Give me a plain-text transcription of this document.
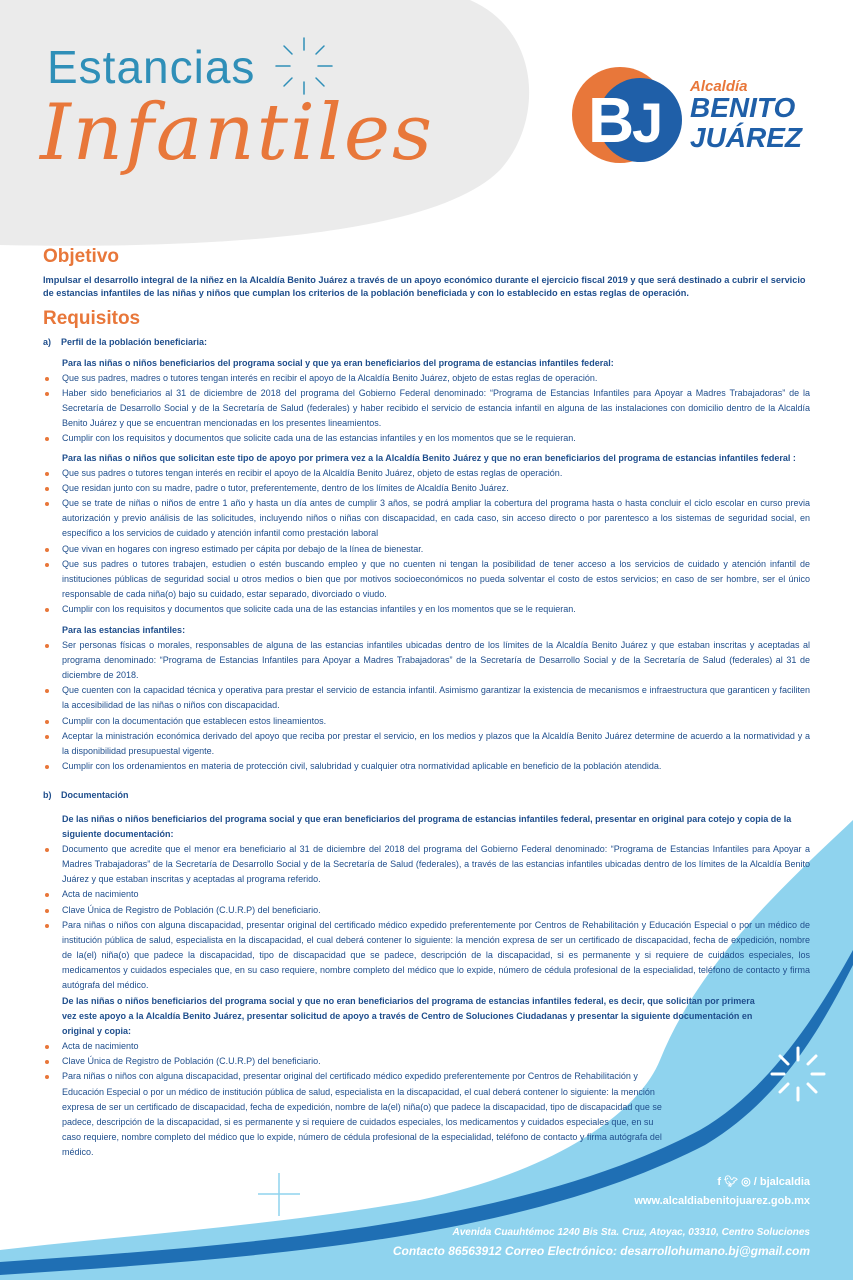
Estancias
Infantiles B
J
Alcaldía
BENITO
JUÁREZ
Objetivo

Impulsar el desarrollo integral de la niñez en la Alcaldía Benito Juárez a través de un apoyo económico durante el ejercicio fiscal 2019 y que será destinado a cubrir el servicio de estancias infantiles de las niñas y niños que cumplan los criterios de la población beneficiada y con lo establecido en estas reglas de operación.

Requisitos
a) Perfil de la población beneficiaria:
Para las niñas o niños beneficiarios del programa social y que ya eran beneficiarios del programa de estancias infantiles federal:
Que sus padres, madres o tutores tengan interés en recibir el apoyo de la Alcaldía Benito Juárez, objeto de estas reglas de operación.
Haber sido beneficiarios al 31 de diciembre de 2018 del programa del Gobierno Federal denominado: “Programa de Estancias Infantiles para Apoyar a Madres Trabajadoras” de la Secretaría de Desarrollo Social y de la Secretaría de Salud (federales) y haber recibido el servicio de estancia infantil en alguna de las instalaciones con domicilio dentro de la Alcaldía Benito Juárez y que se encuentran mencionadas en los presentes lineamientos.
Cumplir con los requisitos y documentos que solicite cada una de las estancias infantiles y en los momentos que se le requieran.
Para las niñas o niños que solicitan este tipo de apoyo por primera vez a la Alcaldía Benito Juárez y que no eran beneficiarios del programa de estancias infantiles federal :
Que sus padres o tutores tengan interés en recibir el apoyo de la Alcaldía Benito Juárez, objeto de estas reglas de operación.
Que residan junto con su madre, padre o tutor, preferentemente, dentro de los límites de Alcaldía Benito Juárez.
Que se trate de niñas o niños de entre 1 año y hasta un día antes de cumplir 3 años, se podrá ampliar la cobertura del programa hasta o hasta concluir el ciclo escolar en curso previa autorización y previo análisis de las solicitudes, incluyendo niños o niñas con discapacidad, en cada caso, sin acceso directo o por parentesco a los sistemas de seguridad social, en específico a los servicios de cuidado y atención infantil como prestación laboral
Que vivan en hogares con ingreso estimado per cápita por debajo de la línea de bienestar.
Que sus padres o tutores trabajen, estudien o estén buscando empleo y que no cuenten ni tengan la posibilidad de tener acceso a los servicios de cuidado y atención infantil de instituciones públicas de seguridad social u otros medios o bien que por motivos socioeconómicos no pueda solventar el costo de estos servicios; en caso de ser hombre, ser el único responsable de cada niña(o) bajo su cuidado, estar separado, divorciado o viudo.
Cumplir con los requisitos y documentos que solicite cada una de las estancias infantiles y en los momentos que se le requieran.
Para las estancias infantiles:
Ser personas físicas o morales, responsables de alguna de las estancias infantiles ubicadas dentro de los límites de la Alcaldía Benito Juárez y que estaban inscritas y aceptadas al programa denominado: “Programa de Estancias Infantiles para Apoyar a Madres Trabajadoras” de la Secretaría de Desarrollo Social y de la Secretaría de Salud (federales) al 31 de diciembre de 2018.
Que cuenten con la capacidad técnica y operativa para prestar el servicio de estancia infantil. Asimismo garantizar la existencia de mecanismos e infraestructura que garanticen y faciliten la accesibilidad de las niñas o niños con discapacidad.
Cumplir con la documentación que establecen estos lineamientos.
Aceptar la ministración económica derivado del apoyo que reciba por prestar el servicio, en los medios y plazos que la Alcaldía Benito Juárez determine de acuerdo a la normatividad y a la disponibilidad presupuestal vigente.
Cumplir con los ordenamientos en materia de protección civil, salubridad y cualquier otra normatividad aplicable en beneficio de la población atendida.
b) Documentación
De las niñas o niños beneficiarios del programa social y que eran beneficiarios del programa de estancias infantiles federal, presentar en original para cotejo y copia de la siguiente documentación:
Documento que acredite que el menor era beneficiario al 31 de diciembre del 2018 del programa del Gobierno Federal denominado: “Programa de Estancias Infantiles para Apoyar a Madres Trabajadoras” de la Secretaría de Desarrollo Social y de la Secretaría de Salud (federales), a través de las estancias infantiles ubicadas dentro de los límites de la Alcaldía Benito Juárez y que estaban inscritas y aceptadas al programa referido.
Acta de nacimiento
Clave Única de Registro de Población (C.U.R.P) del beneficiario.
Para niñas o niños con alguna discapacidad, presentar original del certificado médico expedido preferentemente por Centros de Rehabilitación y Educación Especial o por un médico de institución pública de salud, especialista en la discapacidad, el cual deberá contener lo siguiente: la mención expresa de ser un certificado de discapacidad, fecha de expedición, nombre de la(el) niña(o) que padece la discapacidad, tipo de discapacidad que se padece, descripción de la discapacidad, si es permanente y si requiere de cuidados especiales, los medicamentos y cuidados especiales que, en su caso requiere, nombre completo del médico que lo expide, número de cédula profesional de la especialidad, teléfono de contacto y firma autógrafa del médico.
De las niñas o niños beneficiarios del programa social y que no eran beneficiarios del programa de estancias infantiles federal, es decir, que solicitan por primera vez este apoyo a la Alcaldía Benito Juárez, presentar solicitud de apoyo a través de Centro de Soluciones Ciudadanas y presentar la siguiente documentación en original y copia:
Acta de nacimiento
Clave Única de Registro de Población (C.U.R.P) del beneficiario.
Para niñas o niños con alguna discapacidad, presentar original del certificado médico expedido preferentemente por Centros de Rehabilitación y Educación Especial o por un médico de institución pública de salud, especialista en la discapacidad, el cual deberá contener lo siguiente: la mención expresa de ser un certificado de discapacidad, fecha de expedición, nombre de la(el) niña(o) que padece la discapacidad, tipo de discapacidad que se padece, descripción de la discapacidad, si es permanente y si requiere de cuidados especiales, los medicamentos y cuidados especiales que, en su caso requiere, nombre completo del médico que lo expide, número de cédula profesional de la especialidad, teléfono de contacto y firma autógrafa del médico.
f 🐦︎ ◎ / bjalcaldia
www.alcaldiabenitojuarez.gob.mx
Avenida Cuauhtémoc 1240 Bis Sta. Cruz, Atoyac, 03310, Centro Soluciones
Contacto 86563912 Correo Electrónico: desarrollohumano.bj@gmail.com
